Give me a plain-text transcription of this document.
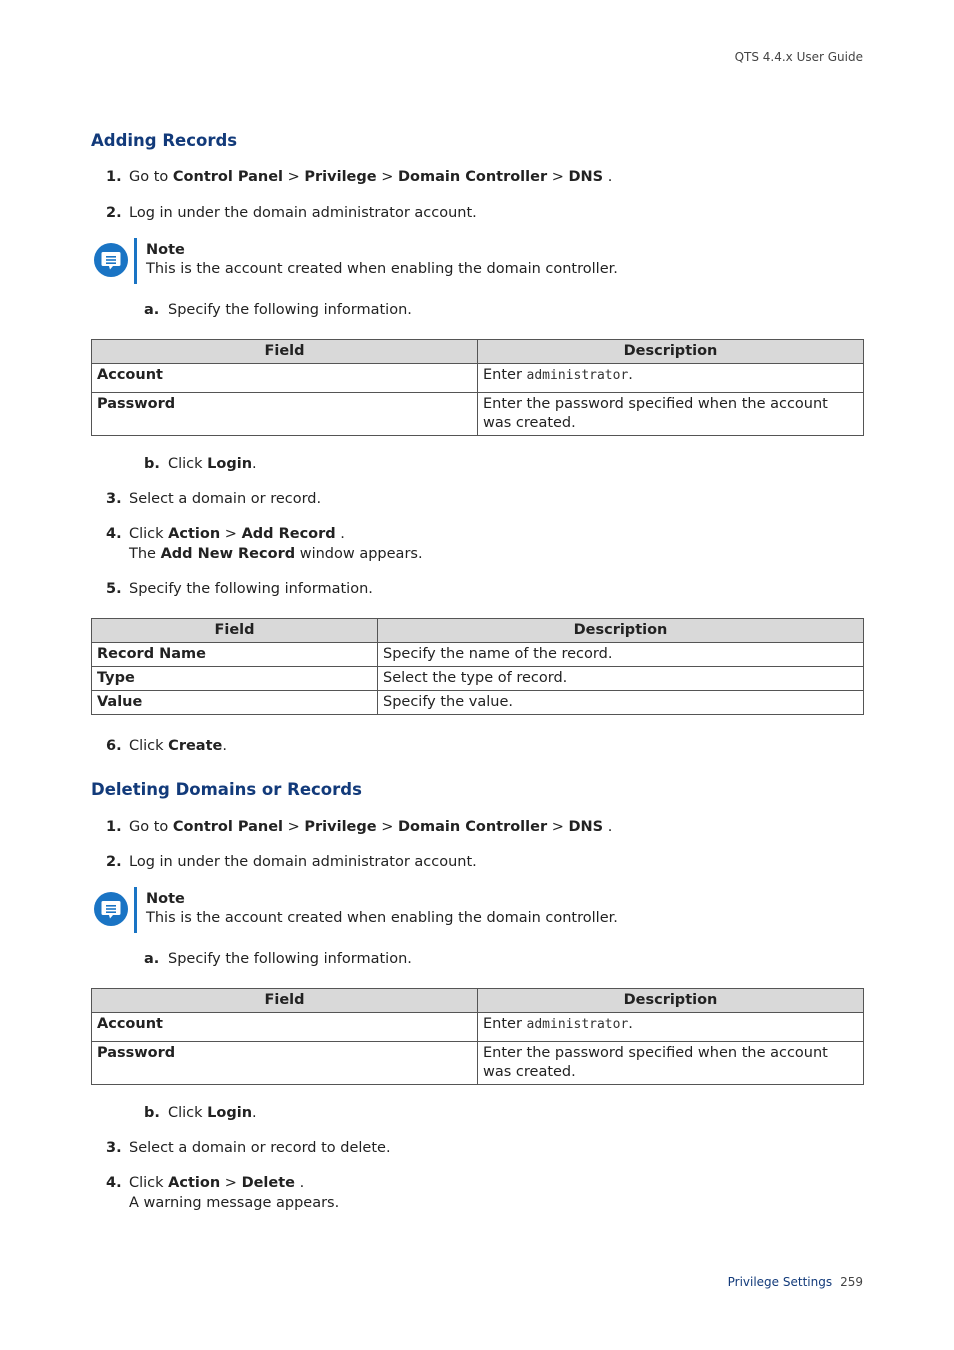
QTS 4.4.x User Guide
Adding Records
1. Go to Control Panel > Privilege > Domain Controller > DNS .
2. Log in under the domain administrator account.
Note
This is the account created when enabling the domain controller.
a. Specify the following information.
Field	Description
Account	Enter administrator.
Password	Enter the password specified when the account was created.
b. Click Login.
3. Select a domain or record.
4. Click Action > Add Record .
The Add New Record window appears.
5. Specify the following information.
Field	Description
Record Name	Specify the name of the record.
Type	Select the type of record.
Value	Specify the value.
6. Click Create.
Deleting Domains or Records
1. Go to Control Panel > Privilege > Domain Controller > DNS .
2. Log in under the domain administrator account.
Note
This is the account created when enabling the domain controller.
a. Specify the following information.
Field	Description
Account	Enter administrator.
Password	Enter the password specified when the account was created.
b. Click Login.
3. Select a domain or record to delete.
4. Click Action > Delete .
A warning message appears.
Privilege Settings 259
